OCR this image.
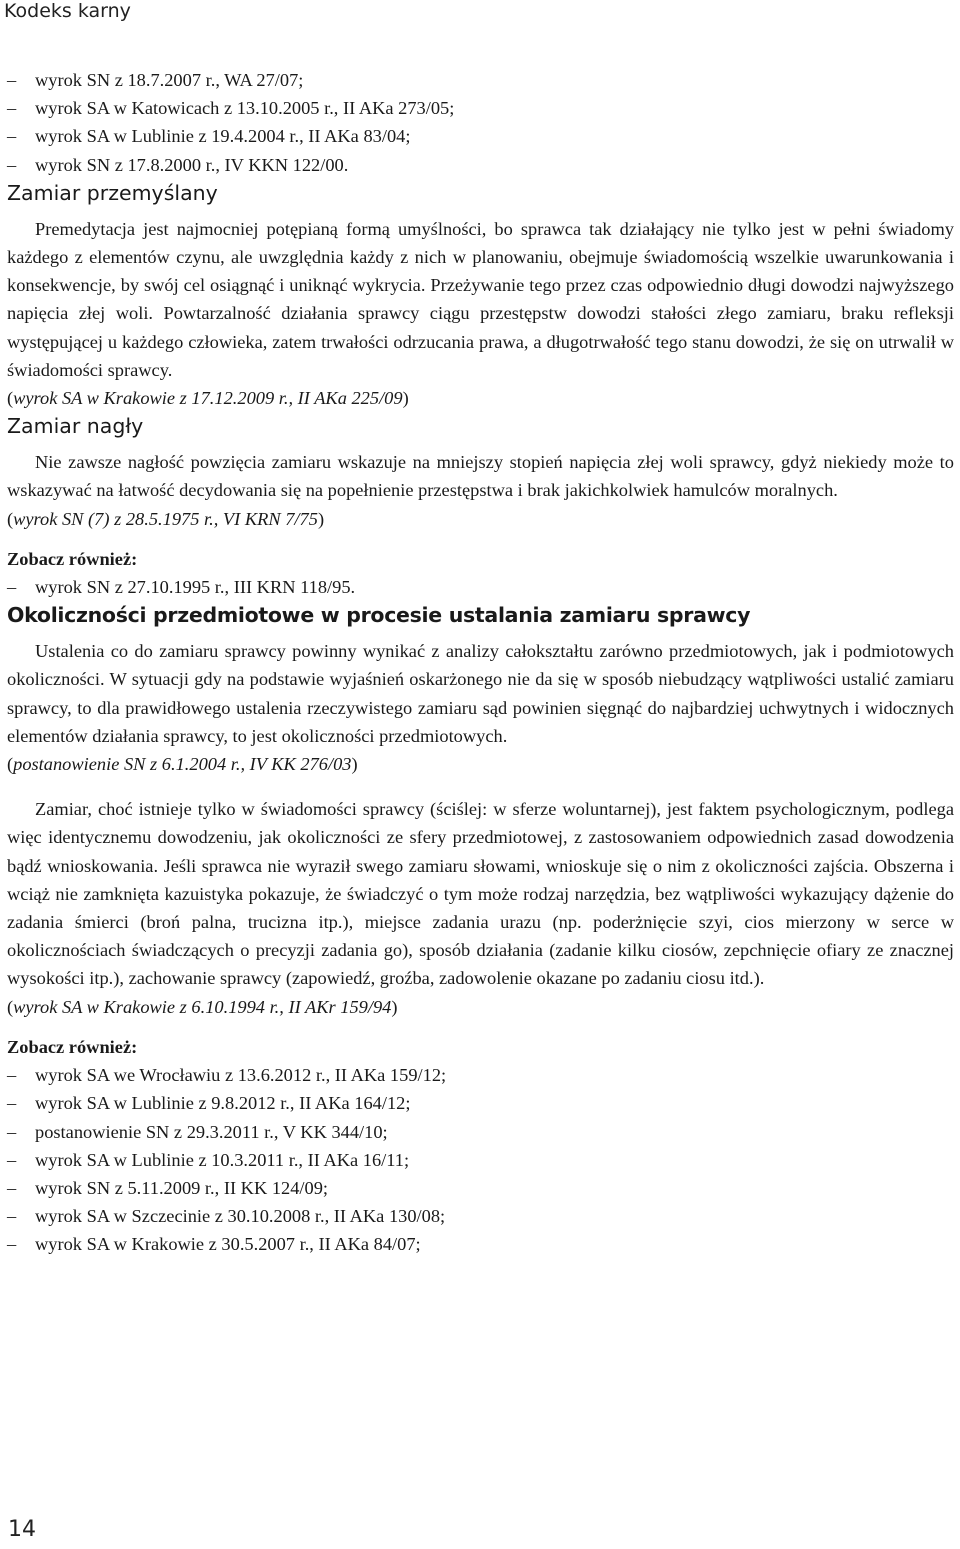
Kodeks karny
– wyrok SN z 18.7.2007 r., WA 27/07;
– wyrok SA w Katowicach z 13.10.2005 r., II AKa 273/05;
– wyrok SA w Lublinie z 19.4.2004 r., II AKa 83/04;
– wyrok SN z 17.8.2000 r., IV KKN 122/00.
Zamiar przemyślany

Premedytacja jest najmocniej potępianą formą umyślności, bo sprawca tak działający nie tylko jest w pełni świadomy każdego z elementów czynu, ale uwzględnia każdy z nich w planowaniu, obejmuje świadomością wszelkie uwarunkowania i konsekwencje, by swój cel osiągnąć i uniknąć wykrycia. Przeżywanie tego przez czas odpowiednio długi dowodzi najwyższego napięcia złej woli. Powtarzalność działania sprawcy ciągu przestępstw dowodzi stałości złego zamiaru, braku refleksji występującej u każdego człowieka, zatem trwałości odrzucania prawa, a długotrwałość tego stanu dowodzi, że się on utrwalił w świadomości sprawcy.

(wyrok SA w Krakowie z 17.12.2009 r., II AKa 225/09)

Zamiar nagły

Nie zawsze nagłość powzięcia zamiaru wskazuje na mniejszy stopień napięcia złej woli sprawcy, gdyż niekiedy może to wskazywać na łatwość decydowania się na popełnienie przestępstwa i brak jakichkolwiek hamulców moralnych.

(wyrok SN (7) z 28.5.1975 r., VI KRN 7/75)

Zobacz również:

– wyrok SN z 27.10.1995 r., III KRN 118/95.
Okoliczności przedmiotowe w procesie ustalania zamiaru sprawcy

Ustalenia co do zamiaru sprawcy powinny wynikać z analizy całokształtu zarówno przedmiotowych, jak i podmiotowych okoliczności. W sytuacji gdy na podstawie wyjaśnień oskarżonego nie da się w sposób niebudzący wątpliwości ustalić zamiaru sprawcy, to dla prawidłowego ustalenia rzeczywistego zamiaru sąd powinien sięgnąć do najbardziej uchwytnych i widocznych elementów działania sprawcy, to jest okoliczności przedmiotowych.

(postanowienie SN z 6.1.2004 r., IV KK 276/03)

Zamiar, choć istnieje tylko w świadomości sprawcy (ściślej: w sferze woluntarnej), jest faktem psychologicznym, podlega więc identycznemu dowodzeniu, jak okoliczności ze sfery przedmiotowej, z zastosowaniem odpowiednich zasad dowodzenia bądź wnioskowania. Jeśli sprawca nie wyraził swego zamiaru słowami, wnioskuje się o nim z okoliczności zajścia. Obszerna i wciąż nie zamknięta kazuistyka pokazuje, że świadczyć o tym może rodzaj narzędzia, bez wątpliwości wykazujący dążenie do zadania śmierci (broń palna, trucizna itp.), miejsce zadania urazu (np. poderżnięcie szyi, cios mierzony w serce w okolicznościach świadczących o precyzji zadania go), sposób działania (zadanie kilku ciosów, zepchnięcie ofiary ze znacznej wysokości itp.), zachowanie sprawcy (zapowiedź, groźba, zadowolenie okazane po zadaniu ciosu itd.).

(wyrok SA w Krakowie z 6.10.1994 r., II AKr 159/94)

Zobacz również:

– wyrok SA we Wrocławiu z 13.6.2012 r., II AKa 159/12;
– wyrok SA w Lublinie z 9.8.2012 r., II AKa 164/12;
– postanowienie SN z 29.3.2011 r., V KK 344/10;
– wyrok SA w Lublinie z 10.3.2011 r., II AKa 16/11;
– wyrok SN z 5.11.2009 r., II KK 124/09;
– wyrok SA w Szczecinie z 30.10.2008 r., II AKa 130/08;
– wyrok SA w Krakowie z 30.5.2007 r., II AKa 84/07;
14
